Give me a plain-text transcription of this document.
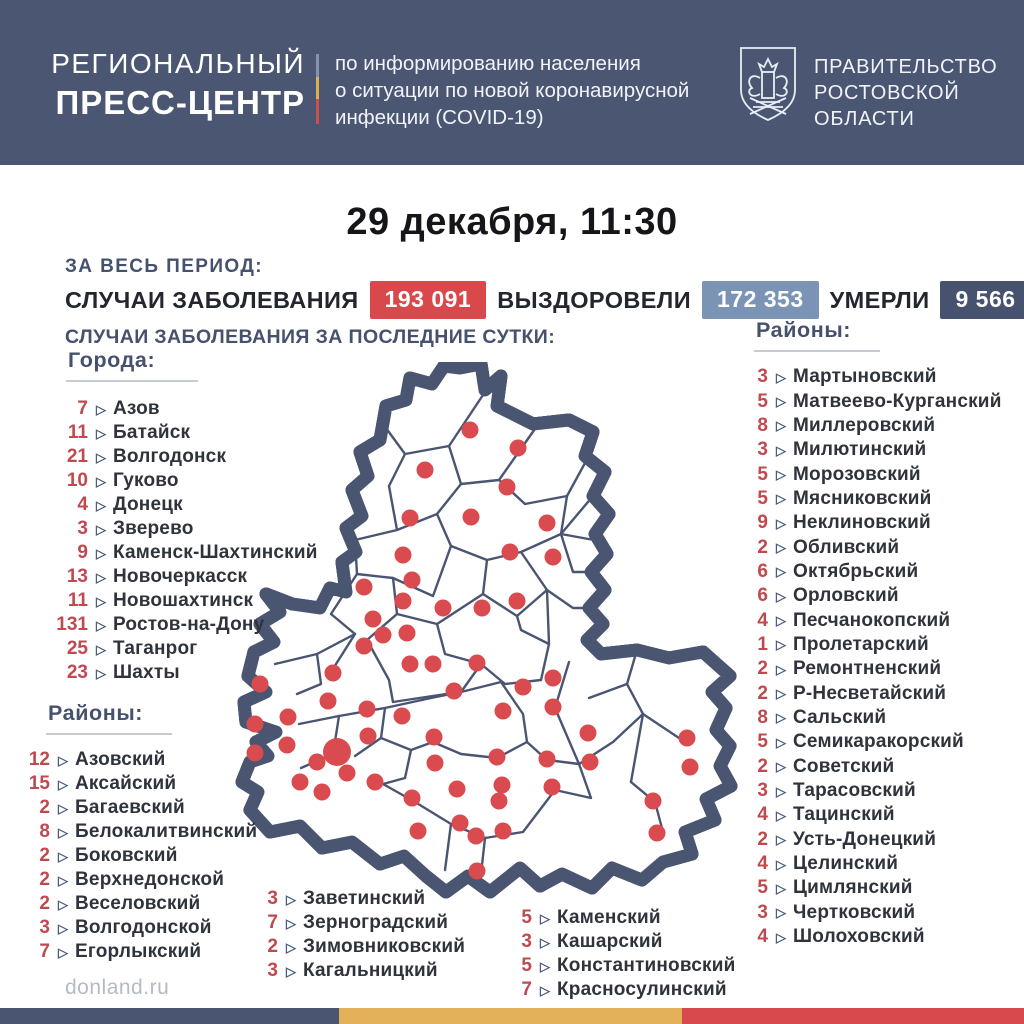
РЕГИОНАЛЬНЫЙ
ПРЕСС-ЦЕНТР
по информированию населения
о ситуации по новой коронавирусной
инфекции (COVID-19)
ПРАВИТЕЛЬСТВО
РОСТОВСКОЙ
ОБЛАСТИ
29 декабря, 11:30
ЗА ВЕСЬ ПЕРИОД:
СЛУЧАИ ЗАБОЛЕВАНИЯ	193 091	ВЫЗДОРОВЕЛИ	172 353	УМЕРЛИ	9 566
СЛУЧАИ ЗАБОЛЕВАНИЯ ЗА ПОСЛЕДНИЕ СУТКИ:
Города:
7 ▷ Азов
11 ▷ Батайск
21 ▷ Волгодонск
10 ▷ Гуково
4 ▷ Донецк
3 ▷ Зверево
9 ▷ Каменск-Шахтинский
13 ▷ Новочеркасск
11 ▷ Новошахтинск
131 ▷ Ростов-на-Дону
25 ▷ Таганрог
23 ▷ Шахты
Районы:
12 ▷ Азовский
15 ▷ Аксайский
2 ▷ Багаевский
8 ▷ Белокалитвинский
2 ▷ Боковский
2 ▷ Верхнедонской
2 ▷ Веселовский
3 ▷ Волгодонской
7 ▷ Егорлыкский
Районы:
3 ▷ Мартыновский
5 ▷ Матвеево-Курганский
8 ▷ Миллеровский
3 ▷ Милютинский
5 ▷ Морозовский
5 ▷ Мясниковский
9 ▷ Неклиновский
2 ▷ Обливский
6 ▷ Октябрьский
6 ▷ Орловский
4 ▷ Песчанокопский
1 ▷ Пролетарский
2 ▷ Ремонтненский
2 ▷ Р-Несветайский
8 ▷ Сальский
5 ▷ Семикаракорский
2 ▷ Советский
3 ▷ Тарасовский
4 ▷ Тацинский
2 ▷ Усть-Донецкий
4 ▷ Целинский
5 ▷ Цимлянский
3 ▷ Чертковский
4 ▷ Шолоховский
3 ▷ Заветинский
7 ▷ Зерноградский
2 ▷ Зимовниковский
3 ▷ Кагальницкий
5 ▷ Каменский
3 ▷ Кашарский
5 ▷ Константиновский
7 ▷ Красносулинский
donland.ru
